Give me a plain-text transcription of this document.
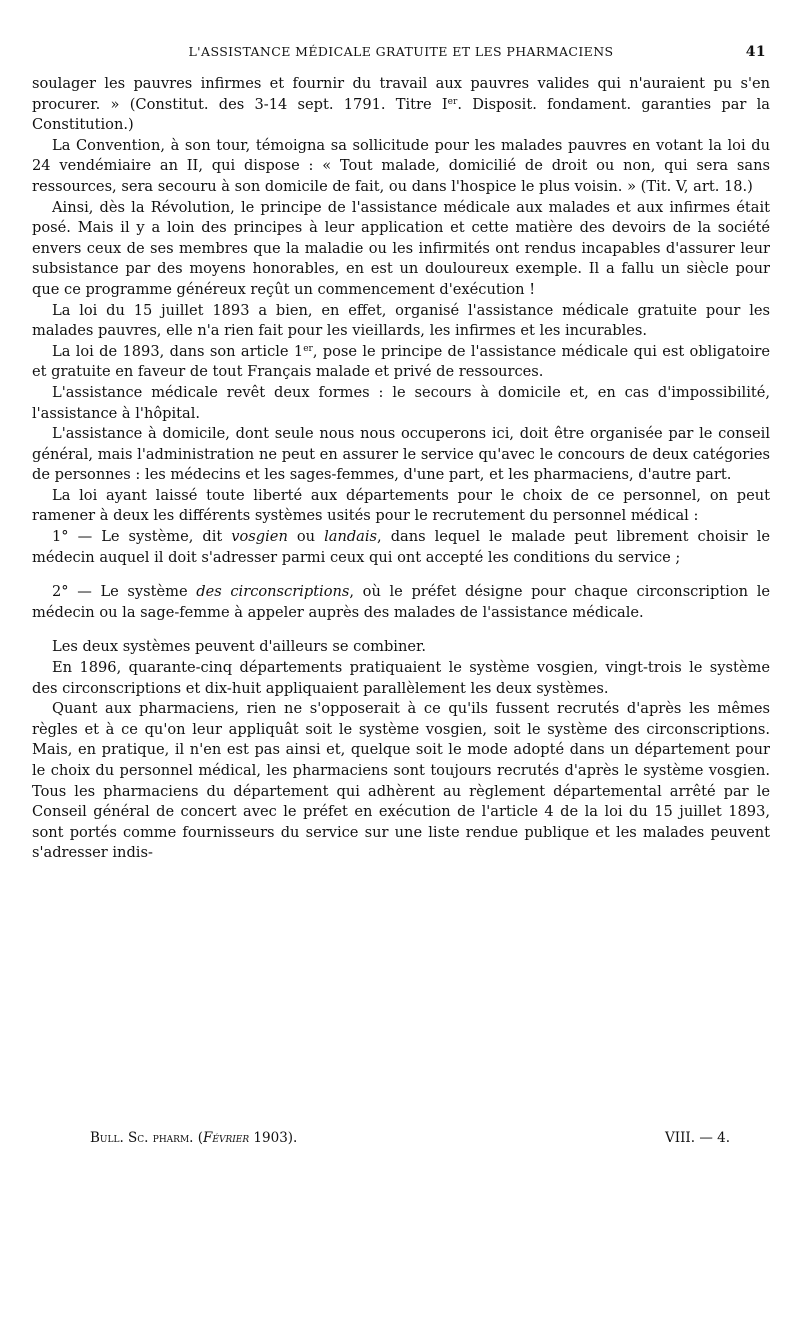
L'ASSISTANCE MÉDICALE GRATUITE ET LES PHARMACIENS	41

soulager les pauvres infirmes et fournir du travail aux pauvres valides qui n'auraient pu s'en procurer. » (Constitut. des 3-14 sept. 1791. Titre Ier. Disposit. fondament. garanties par la Constitution.)

La Convention, à son tour, témoigna sa sollicitude pour les malades pauvres en votant la loi du 24 vendémiaire an II, qui dispose : « Tout malade, domicilié de droit ou non, qui sera sans ressources, sera secouru à son domicile de fait, ou dans l'hospice le plus voisin. » (Tit. V, art. 18.)

Ainsi, dès la Révolution, le principe de l'assistance médicale aux malades et aux infirmes était posé. Mais il y a loin des principes à leur application et cette matière des devoirs de la société envers ceux de ses membres que la maladie ou les infirmités ont rendus incapables d'assurer leur subsistance par des moyens honorables, en est un douloureux exemple. Il a fallu un siècle pour que ce programme généreux reçût un commencement d'exécution !

La loi du 15 juillet 1893 a bien, en effet, organisé l'assistance médicale gratuite pour les malades pauvres, elle n'a rien fait pour les vieillards, les infirmes et les incurables.

La loi de 1893, dans son article 1er, pose le principe de l'assistance médicale qui est obligatoire et gratuite en faveur de tout Français malade et privé de ressources.

L'assistance médicale revêt deux formes : le secours à domicile et, en cas d'impossibilité, l'assistance à l'hôpital.

L'assistance à domicile, dont seule nous nous occuperons ici, doit être organisée par le conseil général, mais l'administration ne peut en assurer le service qu'avec le concours de deux catégories de personnes : les médecins et les sages-femmes, d'une part, et les pharmaciens, d'autre part.

La loi ayant laissé toute liberté aux départements pour le choix de ce personnel, on peut ramener à deux les différents systèmes usités pour le recrutement du personnel médical :

1° — Le système, dit vosgien ou landais, dans lequel le malade peut librement choisir le médecin auquel il doit s'adresser parmi ceux qui ont accepté les conditions du service ;

2° — Le système des circonscriptions, où le préfet désigne pour chaque circonscription le médecin ou la sage-femme à appeler auprès des malades de l'assistance médicale.

Les deux systèmes peuvent d'ailleurs se combiner.

En 1896, quarante-cinq départements pratiquaient le système vosgien, vingt-trois le système des circonscriptions et dix-huit appliquaient parallèlement les deux systèmes.

Quant aux pharmaciens, rien ne s'opposerait à ce qu'ils fussent recrutés d'après les mêmes règles et à ce qu'on leur appliquât soit le système vosgien, soit le système des circonscriptions. Mais, en pratique, il n'en est pas ainsi et, quelque soit le mode adopté dans un département pour le choix du personnel médical, les pharmaciens sont toujours recrutés d'après le système vosgien. Tous les pharmaciens du département qui adhèrent au règlement départemental arrêté par le Conseil général de concert avec le préfet en exécution de l'article 4 de la loi du 15 juillet 1893, sont portés comme fournisseurs du service sur une liste rendue publique et les malades peuvent s'adresser indis-

Bull. Sc. pharm. (Février 1903).	VIII. — 4.
